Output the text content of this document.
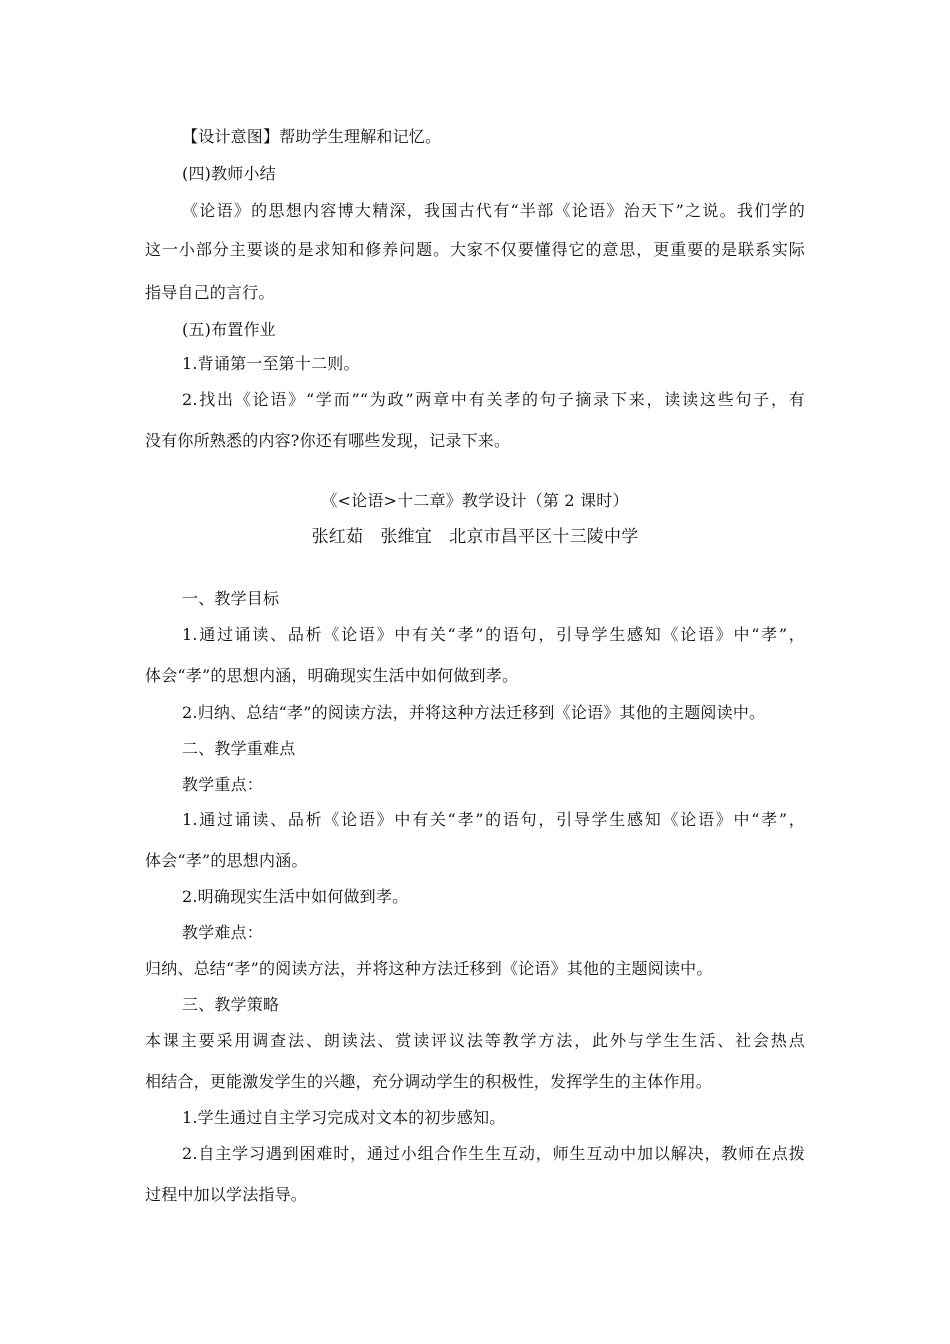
【设计意图】帮助学生理解和记忆。
(四)教师小结
《论语》的思想内容博大精深，我国古代有“半部《论语》治天下”之说。我们学的
这一小部分主要谈的是求知和修养问题。大家不仅要懂得它的意思，更重要的是联系实际
指导自己的言行。
(五)布置作业
1.背诵第一至第十二则。
2.找出《论语》“学而”“为政”两章中有关孝的句子摘录下来，读读这些句子，有
没有你所熟悉的内容?你还有哪些发现，记录下来。
《<论语>十二章》教学设计（第 2 课时）
张红茹　张维宜　北京市昌平区十三陵中学
一、教学目标
1.通过诵读、品析《论语》中有关“孝”的语句，引导学生感知《论语》中“孝”，
体会“孝”的思想内涵，明确现实生活中如何做到孝。
2.归纳、总结“孝”的阅读方法，并将这种方法迁移到《论语》其他的主题阅读中。
二、教学重难点
教学重点：
1.通过诵读、品析《论语》中有关“孝”的语句，引导学生感知《论语》中“孝”，
体会“孝”的思想内涵。
2.明确现实生活中如何做到孝。
教学难点：
归纳、总结“孝”的阅读方法，并将这种方法迁移到《论语》其他的主题阅读中。
三、教学策略
本课主要采用调查法、朗读法、赏读评议法等教学方法，此外与学生生活、社会热点
相结合，更能激发学生的兴趣，充分调动学生的积极性，发挥学生的主体作用。
1.学生通过自主学习完成对文本的初步感知。
2.自主学习遇到困难时，通过小组合作生生互动，师生互动中加以解决，教师在点拨
过程中加以学法指导。
